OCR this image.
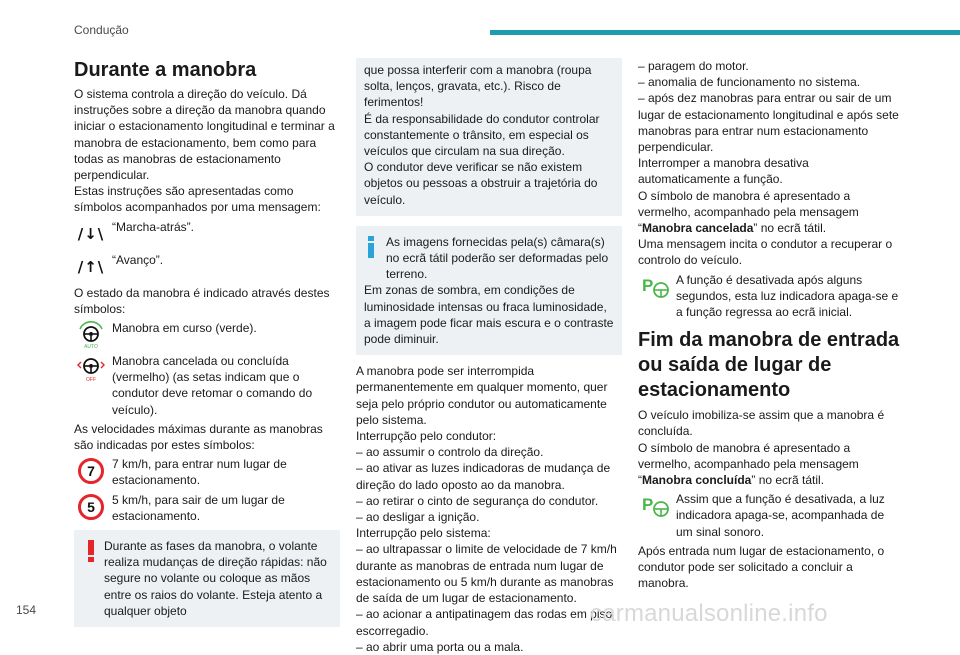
Condução
Durante a manobra
O sistema controla a direção do veículo. Dá instruções sobre a direção da manobra quando iniciar o estacionamento longitudinal e terminar a manobra de estacionamento, bem como para todas as manobras de estacionamento perpendicular.
Estas instruções são apresentadas como símbolos acompanhados por uma mensagem:
/↓\ “Marcha-atrás”.
/↑\ “Avanço”.
O estado da manobra é indicado através destes símbolos:
AUTO
Manobra em curso (verde).
OFF
Manobra cancelada ou concluída (vermelho) (as setas indicam que o condutor deve retomar o comando do veículo).
As velocidades máximas durante as manobras são indicadas por estes símbolos:
7	7 km/h, para entrar num lugar de estacionamento.
5	5 km/h, para sair de um lugar de estacionamento.
Durante as fases da manobra, o volante realiza mudanças de direção rápidas: não segure no volante ou coloque as mãos entre os raios do volante. Esteja atento a qualquer objeto
que possa interferir com a manobra (roupa solta, lenços, gravata, etc.). Risco de ferimentos!
É da responsabilidade do condutor controlar constantemente o trânsito, em especial os veículos que circulam na sua direção.
O condutor deve verificar se não existem objetos ou pessoas a obstruir a trajetória do veículo.
As imagens fornecidas pela(s) câmara(s) no ecrã tátil poderão ser deformadas pelo terreno.
Em zonas de sombra, em condições de luminosidade intensas ou fraca luminosidade, a imagem pode ficar mais escura e o contraste pode diminuir.
A manobra pode ser interrompida permanentemente em qualquer momento, quer seja pelo próprio condutor ou automaticamente pelo sistema.
Interrupção pelo condutor:
– ao assumir o controlo da direção.
– ao ativar as luzes indicadoras de mudança de direção do lado oposto ao da manobra.
– ao retirar o cinto de segurança do condutor.
– ao desligar a ignição.
Interrupção pelo sistema:
– ao ultrapassar o limite de velocidade de 7 km/h durante as manobras de entrada num lugar de estacionamento ou 5 km/h durante as manobras de saída de um lugar de estacionamento.
– ao acionar a antipatinagem das rodas em piso escorregadio.
– ao abrir uma porta ou a mala.
– paragem do motor.
– anomalia de funcionamento no sistema.
– após dez manobras para entrar ou sair de um lugar de estacionamento longitudinal e após sete manobras para entrar num estacionamento perpendicular.
Interromper a manobra desativa automaticamente a função.
O símbolo de manobra é apresentado a vermelho, acompanhado pela mensagem “Manobra cancelada” no ecrã tátil.
Uma mensagem incita o condutor a recuperar o controlo do veículo.
P A função é desativada após alguns segundos, esta luz indicadora apaga-se e a função regressa ao ecrã inicial.
Fim da manobra de entrada ou saída de lugar de estacionamento
O veículo imobiliza-se assim que a manobra é concluída.
O símbolo de manobra é apresentado a vermelho, acompanhado pela mensagem “Manobra concluída” no ecrã tátil.
P Assim que a função é desativada, a luz indicadora apaga-se, acompanhada de um sinal sonoro.
Após entrada num lugar de estacionamento, o condutor pode ser solicitado a concluir a manobra.
154	carmanualsonline.info
